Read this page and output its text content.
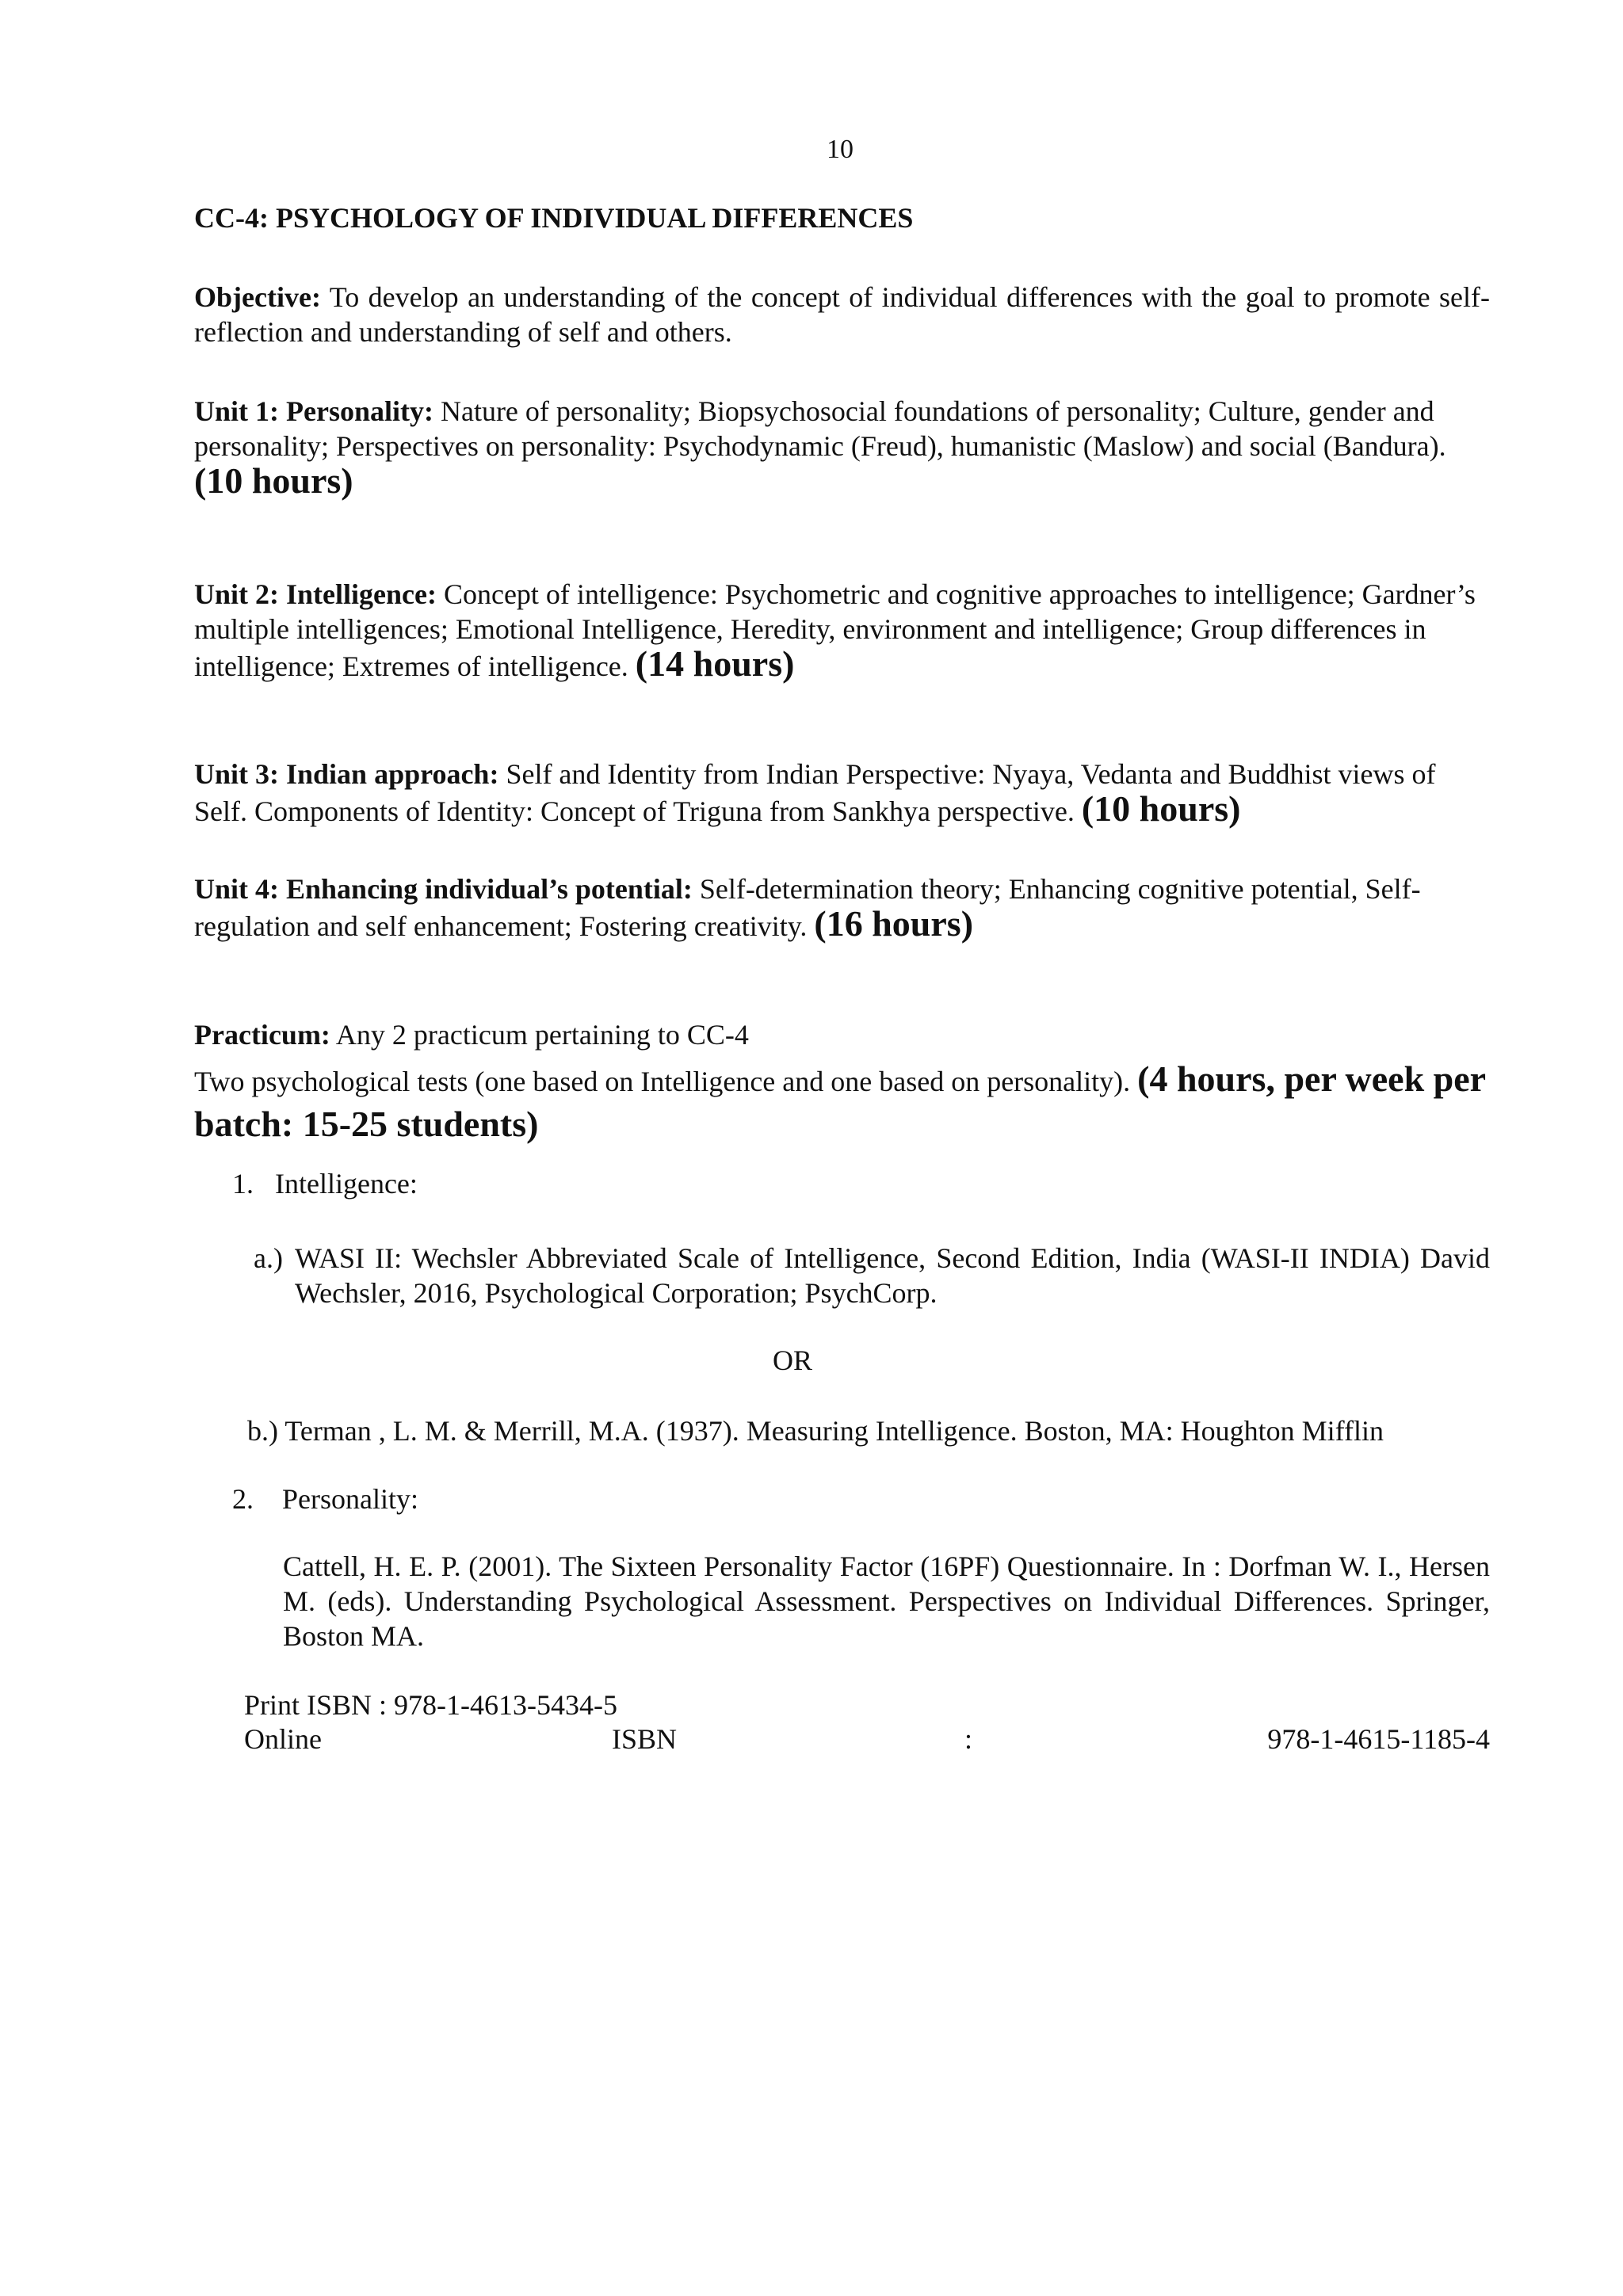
10
CC-4: PSYCHOLOGY OF INDIVIDUAL DIFFERENCES
Objective: To develop an understanding of the concept of individual differences with the goal to promote self-reflection and understanding of self and others.
Unit 1: Personality: Nature of personality; Biopsychosocial foundations of personality; Culture, gender and personality; Perspectives on personality: Psychodynamic (Freud), humanistic (Maslow) and social (Bandura). (10 hours)
Unit 2: Intelligence: Concept of intelligence: Psychometric and cognitive approaches to intelligence; Gardner’s multiple intelligences; Emotional Intelligence, Heredity, environment and intelligence; Group differences in intelligence; Extremes of intelligence. (14 hours)
Unit 3: Indian approach: Self and Identity from Indian Perspective: Nyaya, Vedanta and Buddhist views of Self. Components of Identity: Concept of Triguna from Sankhya perspective. (10 hours)
Unit 4: Enhancing individual’s potential: Self-determination theory; Enhancing cognitive potential, Self-regulation and self enhancement; Fostering creativity. (16 hours)
Practicum: Any 2 practicum pertaining to CC-4
Two psychological tests (one based on Intelligence and one based on personality). (4 hours, per week per batch: 15-25 students)
1. Intelligence:
a.) WASI II: Wechsler Abbreviated Scale of Intelligence, Second Edition, India (WASI-II INDIA) David Wechsler, 2016, Psychological Corporation; PsychCorp.
OR
b.) Terman , L. M. & Merrill, M.A. (1937). Measuring Intelligence. Boston, MA: Houghton Mifflin
2. Personality:
Cattell, H. E. P. (2001). The Sixteen Personality Factor (16PF) Questionnaire. In : Dorfman W. I., Hersen M. (eds). Understanding Psychological Assessment. Perspectives on Individual Differences. Springer, Boston MA.
Print ISBN : 978-1-4613-5434-5
Online	ISBN	:	978-1-4615-1185-4
